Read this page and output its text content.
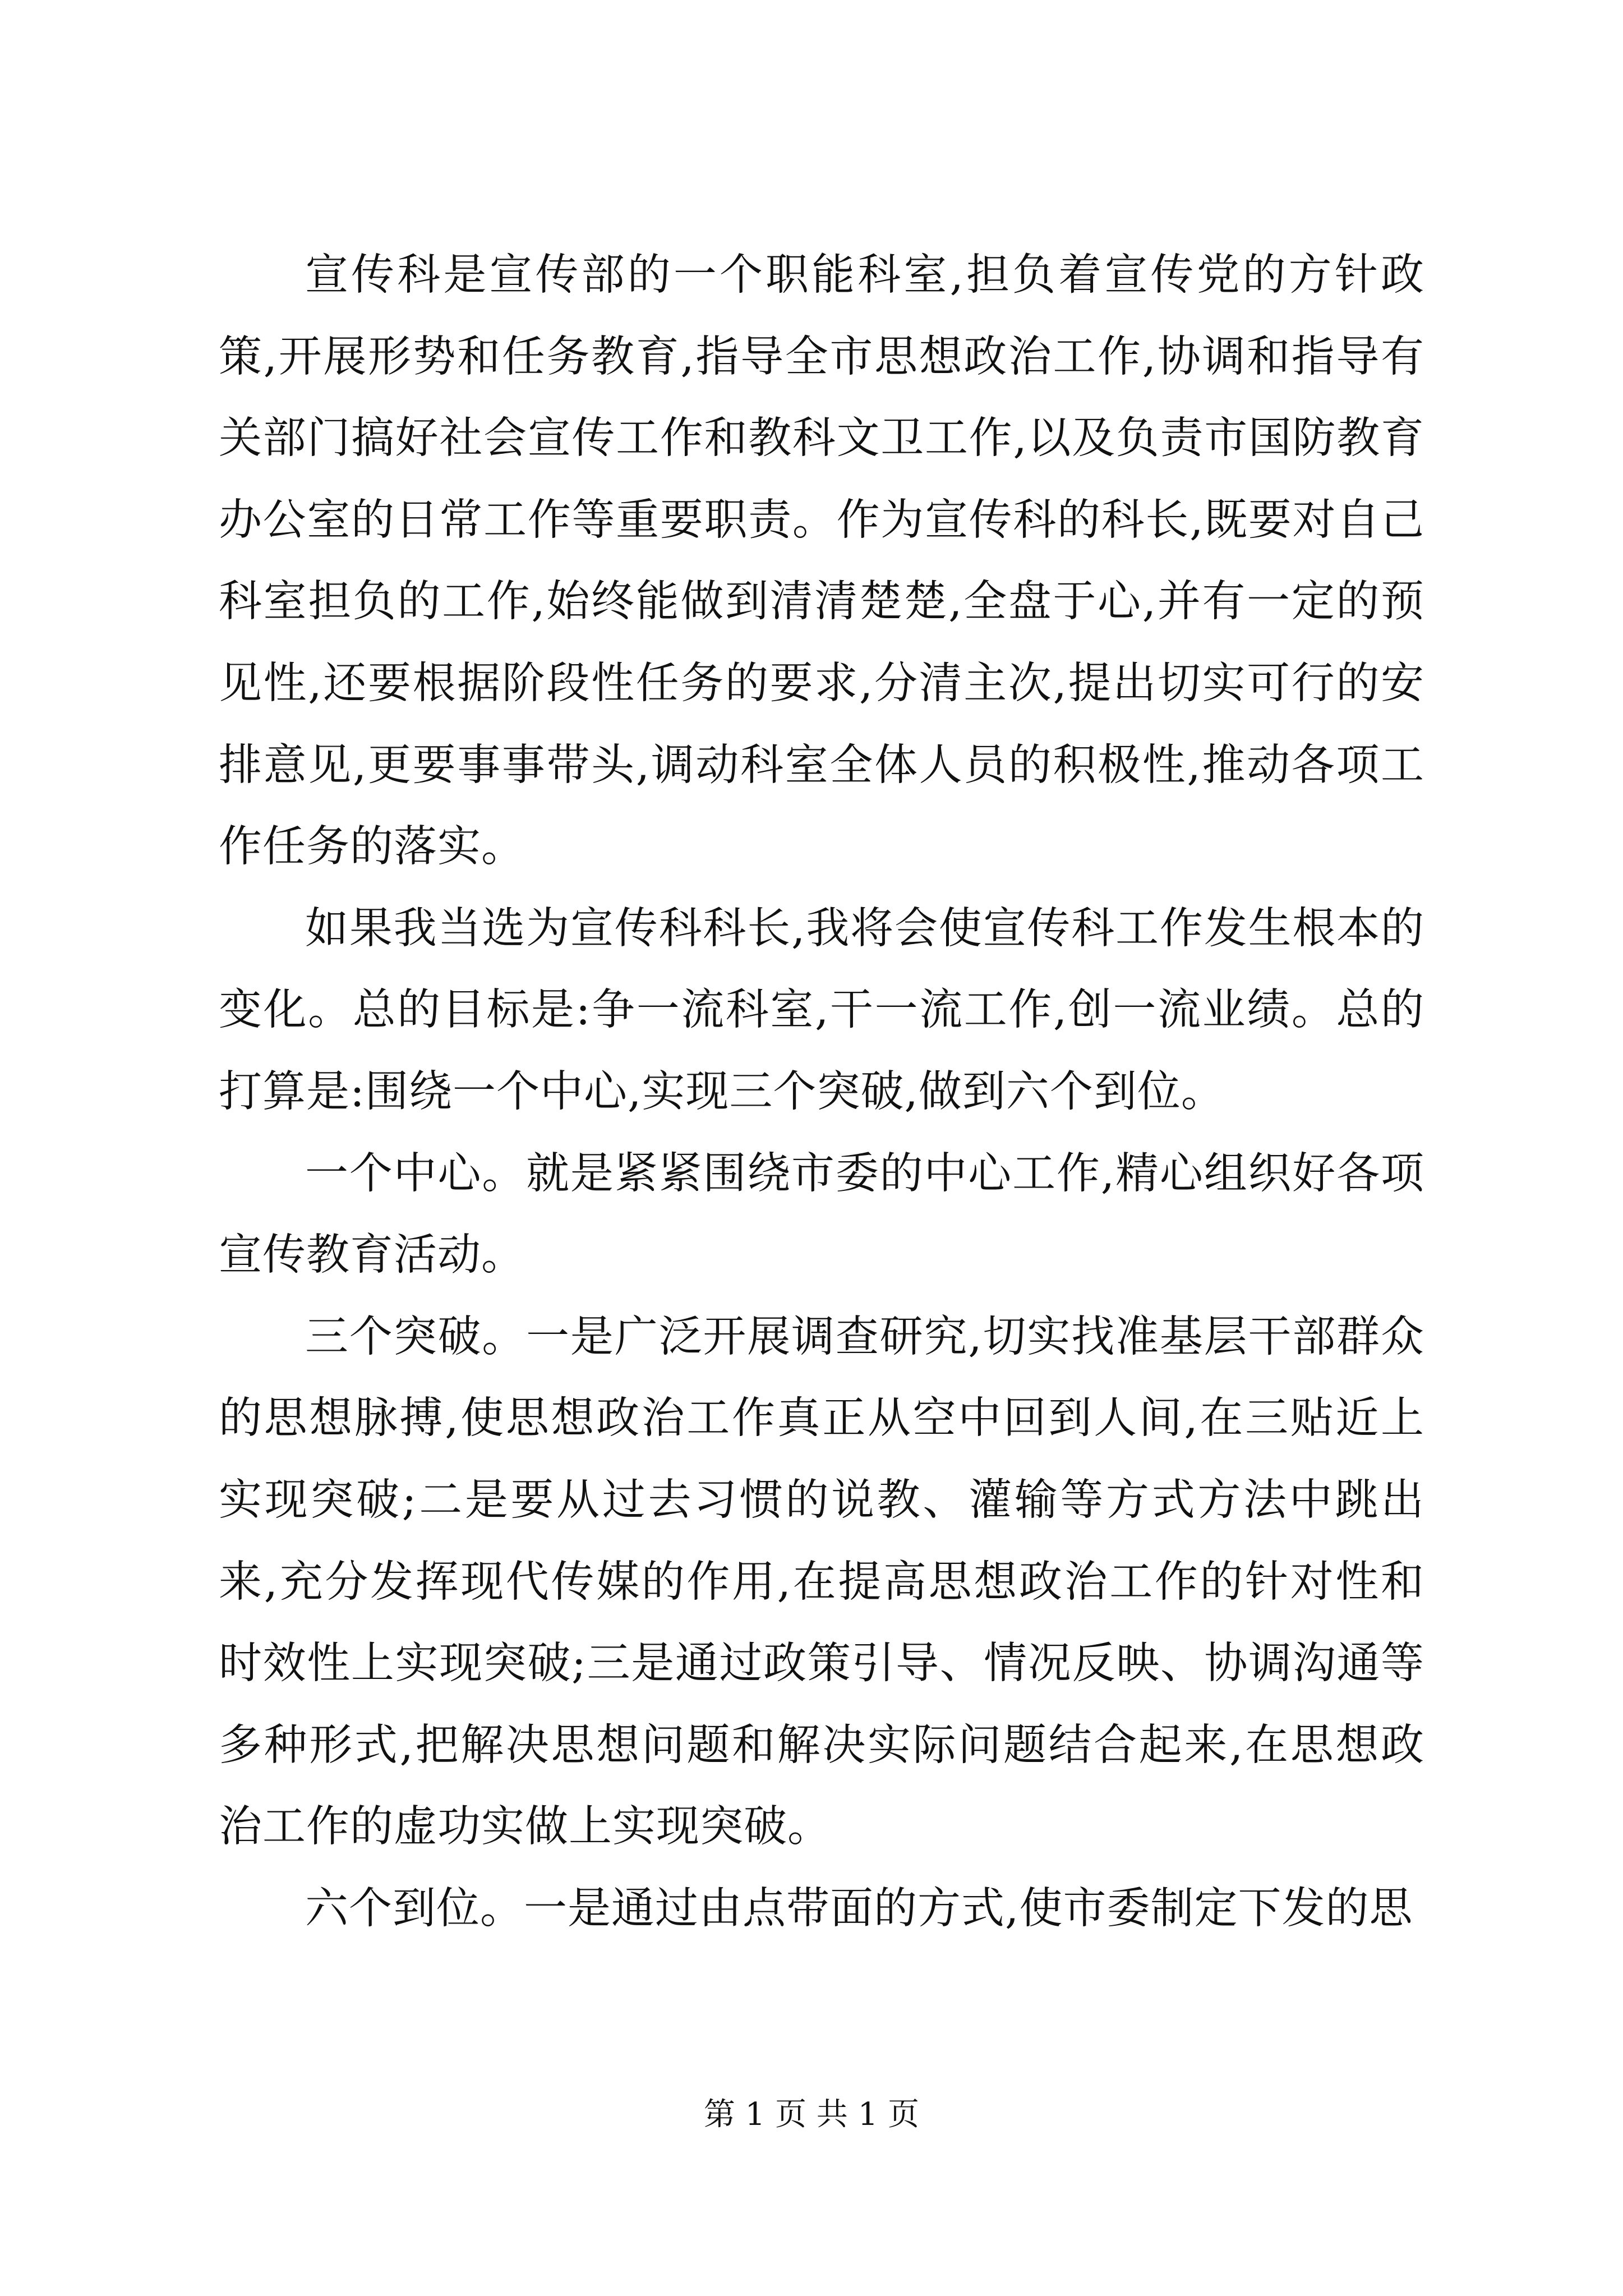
宣传科是宣传部的一个职能科室,担负着宣传党的方针政策,开展形势和任务教育,指导全市思想政治工作,协调和指导有关部门搞好社会宣传工作和教科文卫工作,以及负责市国防教育办公室的日常工作等重要职责。作为宣传科的科长,既要对自己科室担负的工作,始终能做到清清楚楚,全盘于心,并有一定的预见性,还要根据阶段性任务的要求,分清主次,提出切实可行的安排意见,更要事事带头,调动科室全体人员的积极性,推动各项工作任务的落实。

如果我当选为宣传科科长,我将会使宣传科工作发生根本的变化。总的目标是:争一流科室,干一流工作,创一流业绩。总的打算是:围绕一个中心,实现三个突破,做到六个到位。

一个中心。就是紧紧围绕市委的中心工作,精心组织好各项宣传教育活动。

三个突破。一是广泛开展调查研究,切实找准基层干部群众的思想脉搏,使思想政治工作真正从空中回到人间,在三贴近上实现突破;二是要从过去习惯的说教、灌输等方式方法中跳出来,充分发挥现代传媒的作用,在提高思想政治工作的针对性和时效性上实现突破;三是通过政策引导、情况反映、协调沟通等多种形式,把解决思想问题和解决实际问题结合起来,在思想政治工作的虚功实做上实现突破。

六个到位。一是通过由点带面的方式,使市委制定下发的思

第 1 页 共 1 页
